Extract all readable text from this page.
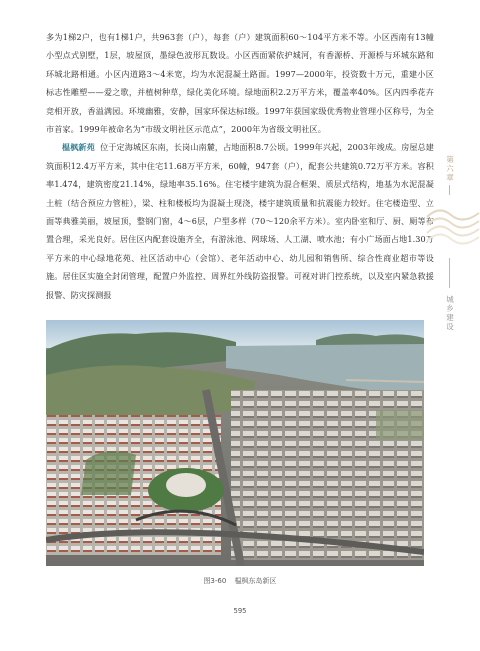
多为1梯2户，也有1梯1户，共963套（户），每套（户）建筑面积60～104平方米不等。小区西南有13幢小型点式别墅，1层，坡屋顶，墨绿色波形瓦数设。小区西面紧依护城河，有香源桥、开源桥与环城东路和环城北路相通。小区内道路3～4米宽，均为水泥混凝土路面。1997—2000年，投资数十万元，重建小区标志性雕塑——爱之歌，并植树种草，绿化美化环境。绿地面积2.2万平方米，覆盖率40%。区内四季花卉竞相开放，香溢满园。环境幽雅，安静，国家环保达标Ⅰ级。1997年获国家级优秀物业管理小区称号，为全市首家。1999年被命名为“市级文明社区示范点”，2000年为省级文明社区。

榅枫新苑 位于定海城区东南，长岗山南麓，占地面积8.7公顷。1999年兴起，2003年竣成。房屋总建筑面积12.4万平方米，其中住宅11.68万平方米，60幢，947套（户），配套公共建筑0.72万平方米。容积率1.474，建筑密度21.14%，绿地率35.16%。住宅楼宇建筑为混合框架、质层式结构，地基为水泥混凝土桩（结合预应力管桩），梁、柱和楼板均为混凝土现浇，楼宇建筑质量和抗震能力较好。住宅楼造型、立面等典雅美丽，坡屋顶，整钢门窗，4～6层，户型多样（70～120余平方米）。室内卧室和厅、厨、厕等布置合理，采光良好。居住区内配套设施齐全，有游泳池、网球场、人工湖、喷水池；有小广场面占地1.30万平方米的中心绿地花苑、社区活动中心（会馆）、老年活动中心、幼儿园和销售所、综合性商业超市等设施。居住区实施全封闭管理，配置户外监控、周界红外线防盗报警。可视对讲门控系统，以及室内紧急救援报警、防灾探测报

第六章
城乡建设
图3-60 榅枫东岛新区
595
